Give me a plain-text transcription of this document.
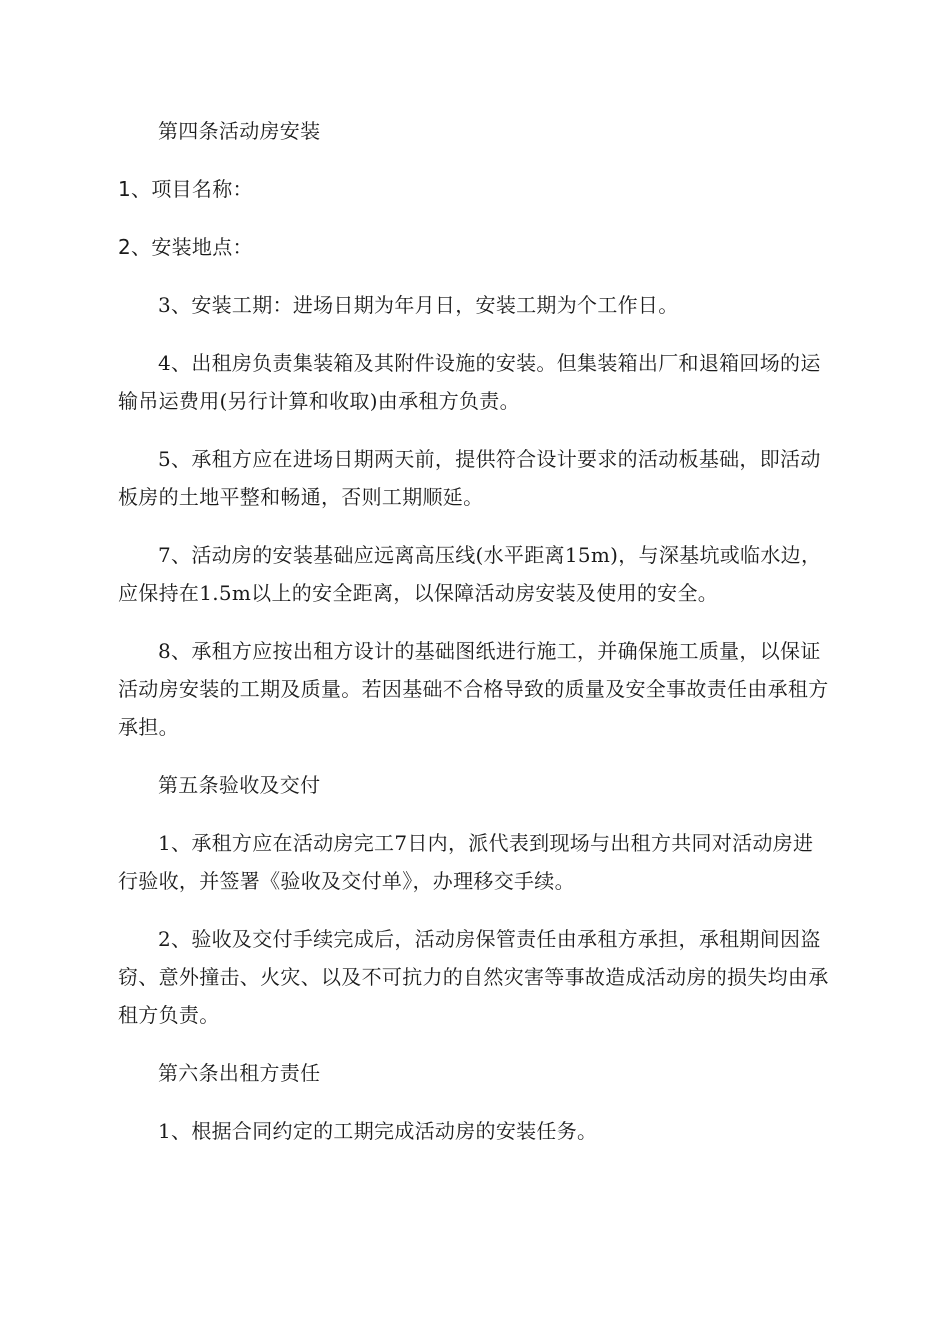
第四条活动房安装

1、项目名称：

2、安装地点：

3、安装工期：进场日期为年月日，安装工期为个工作日。

4、出租房负责集装箱及其附件设施的安装。但集装箱出厂和退箱回场的运输吊运费用(另行计算和收取)由承租方负责。

5、承租方应在进场日期两天前，提供符合设计要求的活动板基础，即活动板房的土地平整和畅通，否则工期顺延。

7、活动房的安装基础应远离高压线(水平距离15m)，与深基坑或临水边，应保持在1.5m以上的安全距离，以保障活动房安装及使用的安全。

8、承租方应按出租方设计的基础图纸进行施工，并确保施工质量，以保证活动房安装的工期及质量。若因基础不合格导致的质量及安全事故责任由承租方承担。

第五条验收及交付

1、承租方应在活动房完工7日内，派代表到现场与出租方共同对活动房进行验收，并签署《验收及交付单》，办理移交手续。

2、验收及交付手续完成后，活动房保管责任由承租方承担，承租期间因盗窃、意外撞击、火灾、以及不可抗力的自然灾害等事故造成活动房的损失均由承租方负责。

第六条出租方责任

1、根据合同约定的工期完成活动房的安装任务。
